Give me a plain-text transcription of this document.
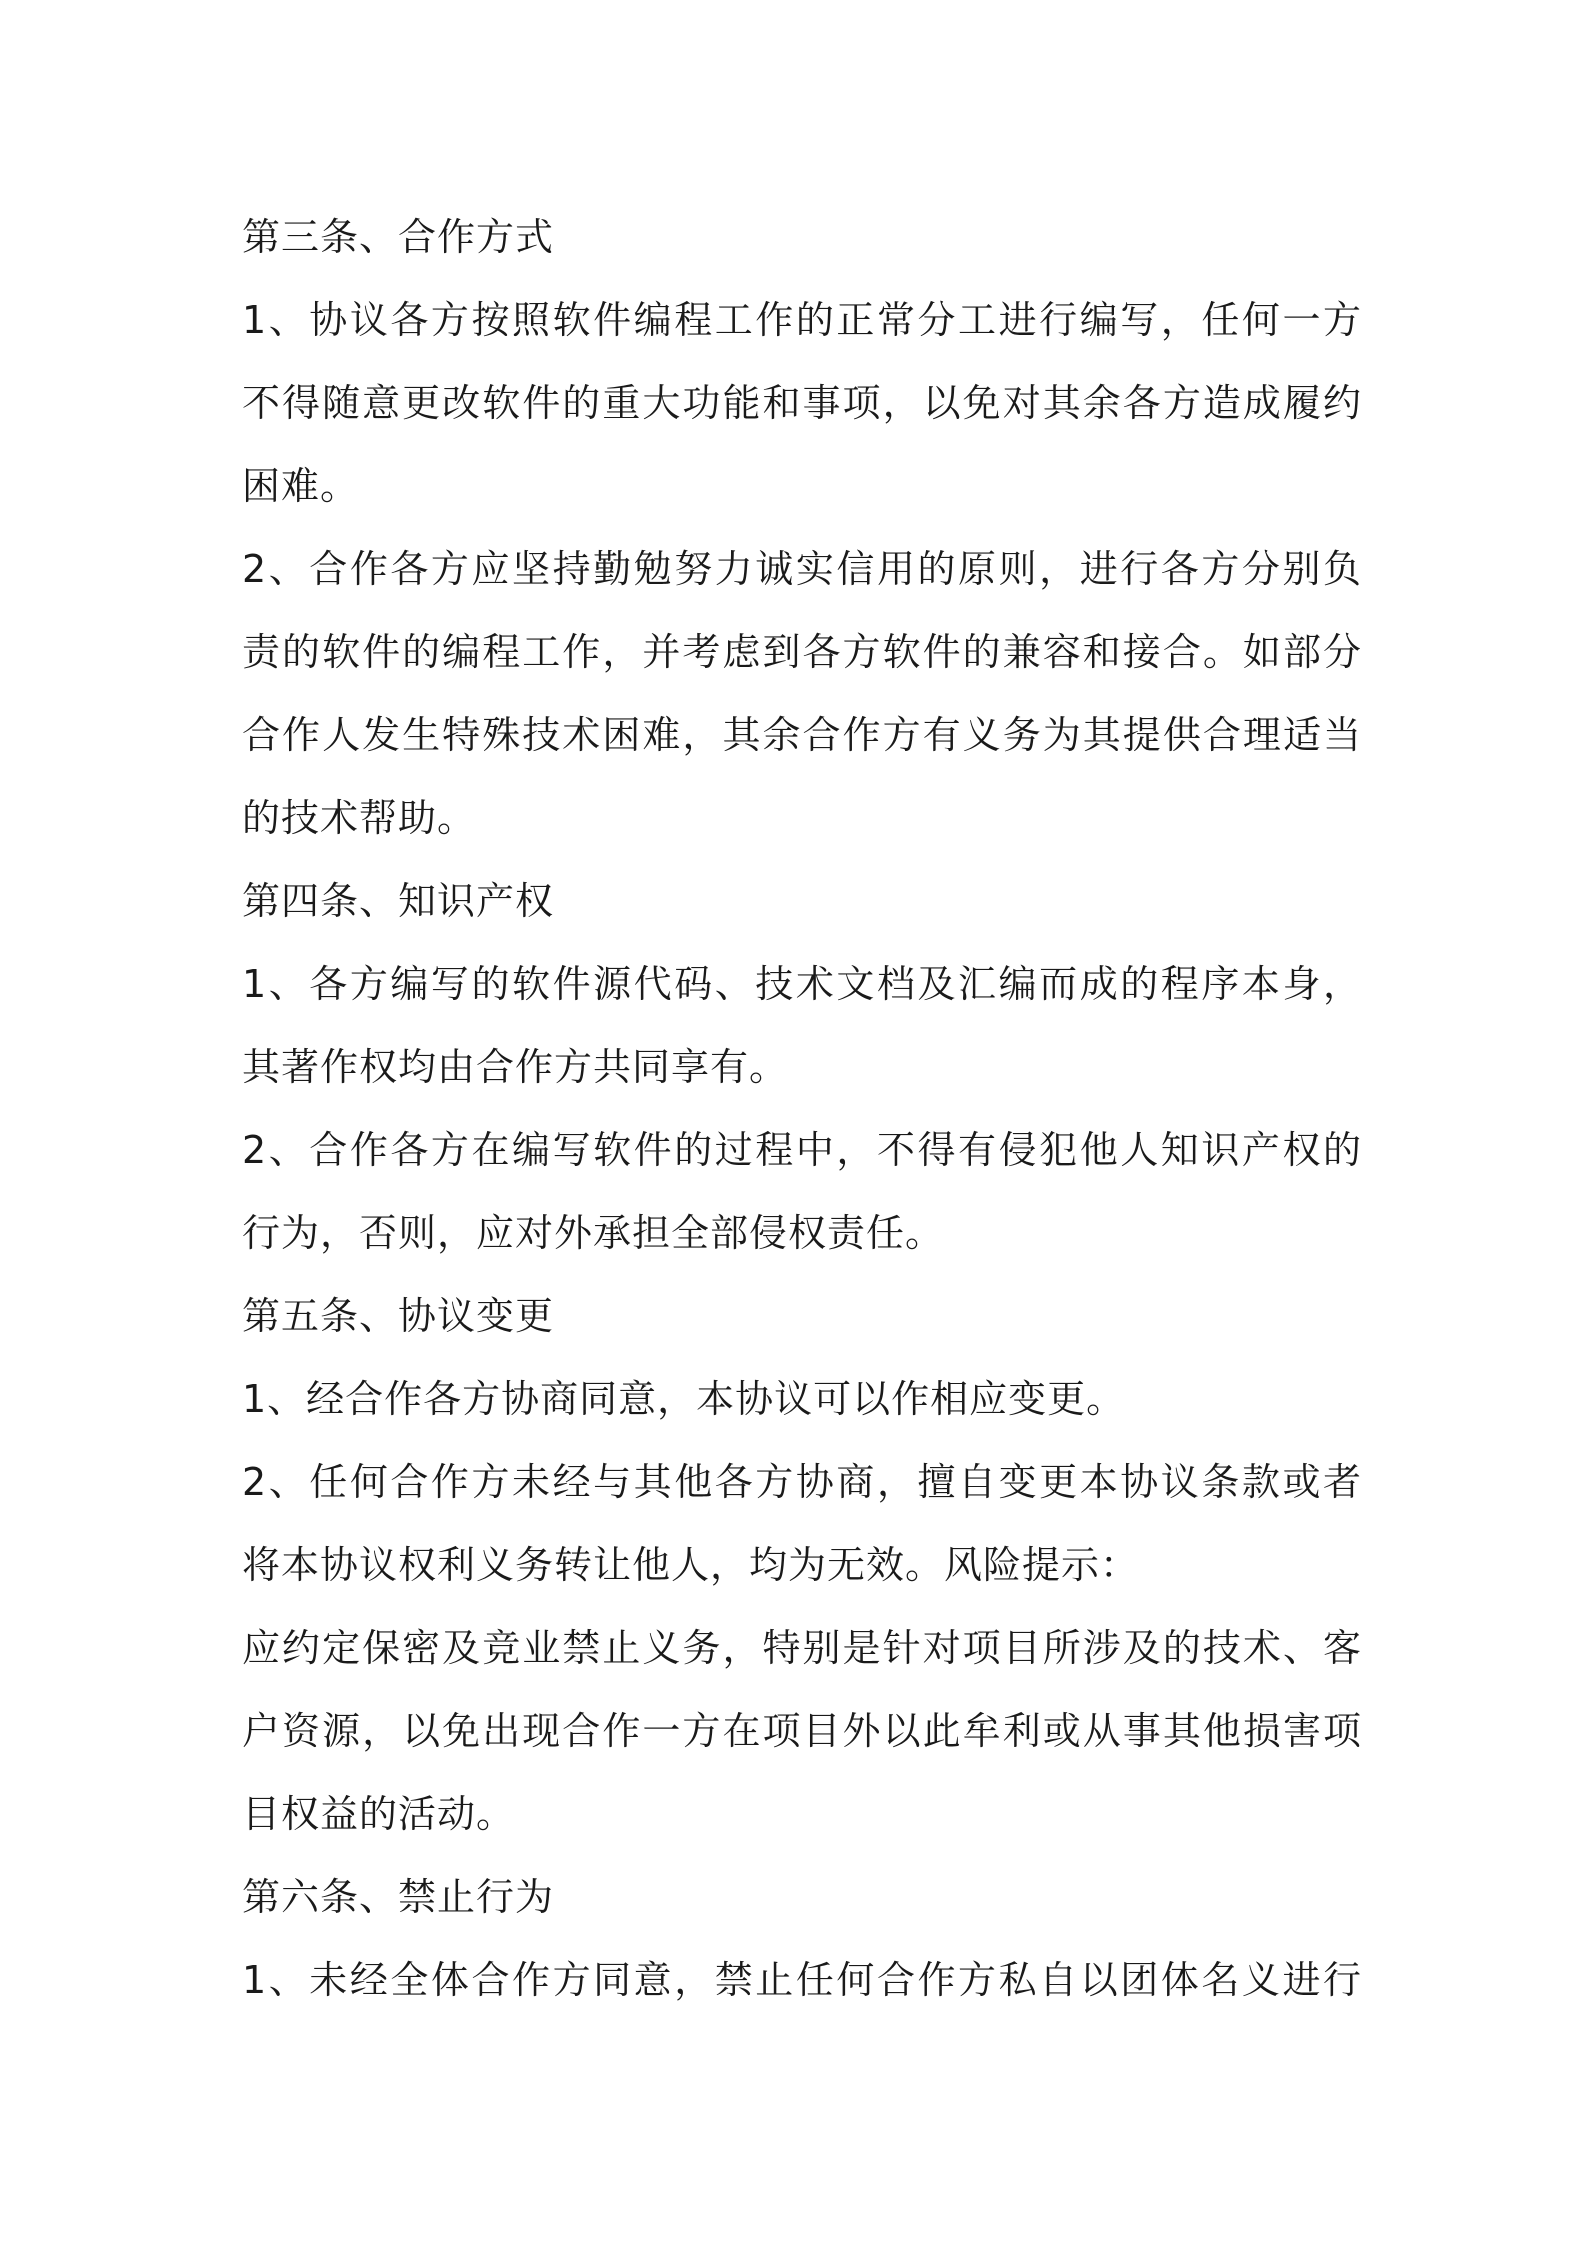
第三条、合作方式
1、协议各方按照软件编程工作的正常分工进行编写，任何一方
不得随意更改软件的重大功能和事项，以免对其余各方造成履约
困难。
2、合作各方应坚持勤勉努力诚实信用的原则，进行各方分别负
责的软件的编程工作，并考虑到各方软件的兼容和接合。如部分
合作人发生特殊技术困难，其余合作方有义务为其提供合理适当
的技术帮助。
第四条、知识产权
1、各方编写的软件源代码、技术文档及汇编而成的程序本身，
其著作权均由合作方共同享有。
2、合作各方在编写软件的过程中，不得有侵犯他人知识产权的
行为，否则，应对外承担全部侵权责任。
第五条、协议变更
1、经合作各方协商同意，本协议可以作相应变更。
2、任何合作方未经与其他各方协商，擅自变更本协议条款或者
将本协议权利义务转让他人，均为无效。风险提示：
应约定保密及竞业禁止义务，特别是针对项目所涉及的技术、客
户资源，以免出现合作一方在项目外以此牟利或从事其他损害项
目权益的活动。
第六条、禁止行为
1、未经全体合作方同意，禁止任何合作方私自以团体名义进行
